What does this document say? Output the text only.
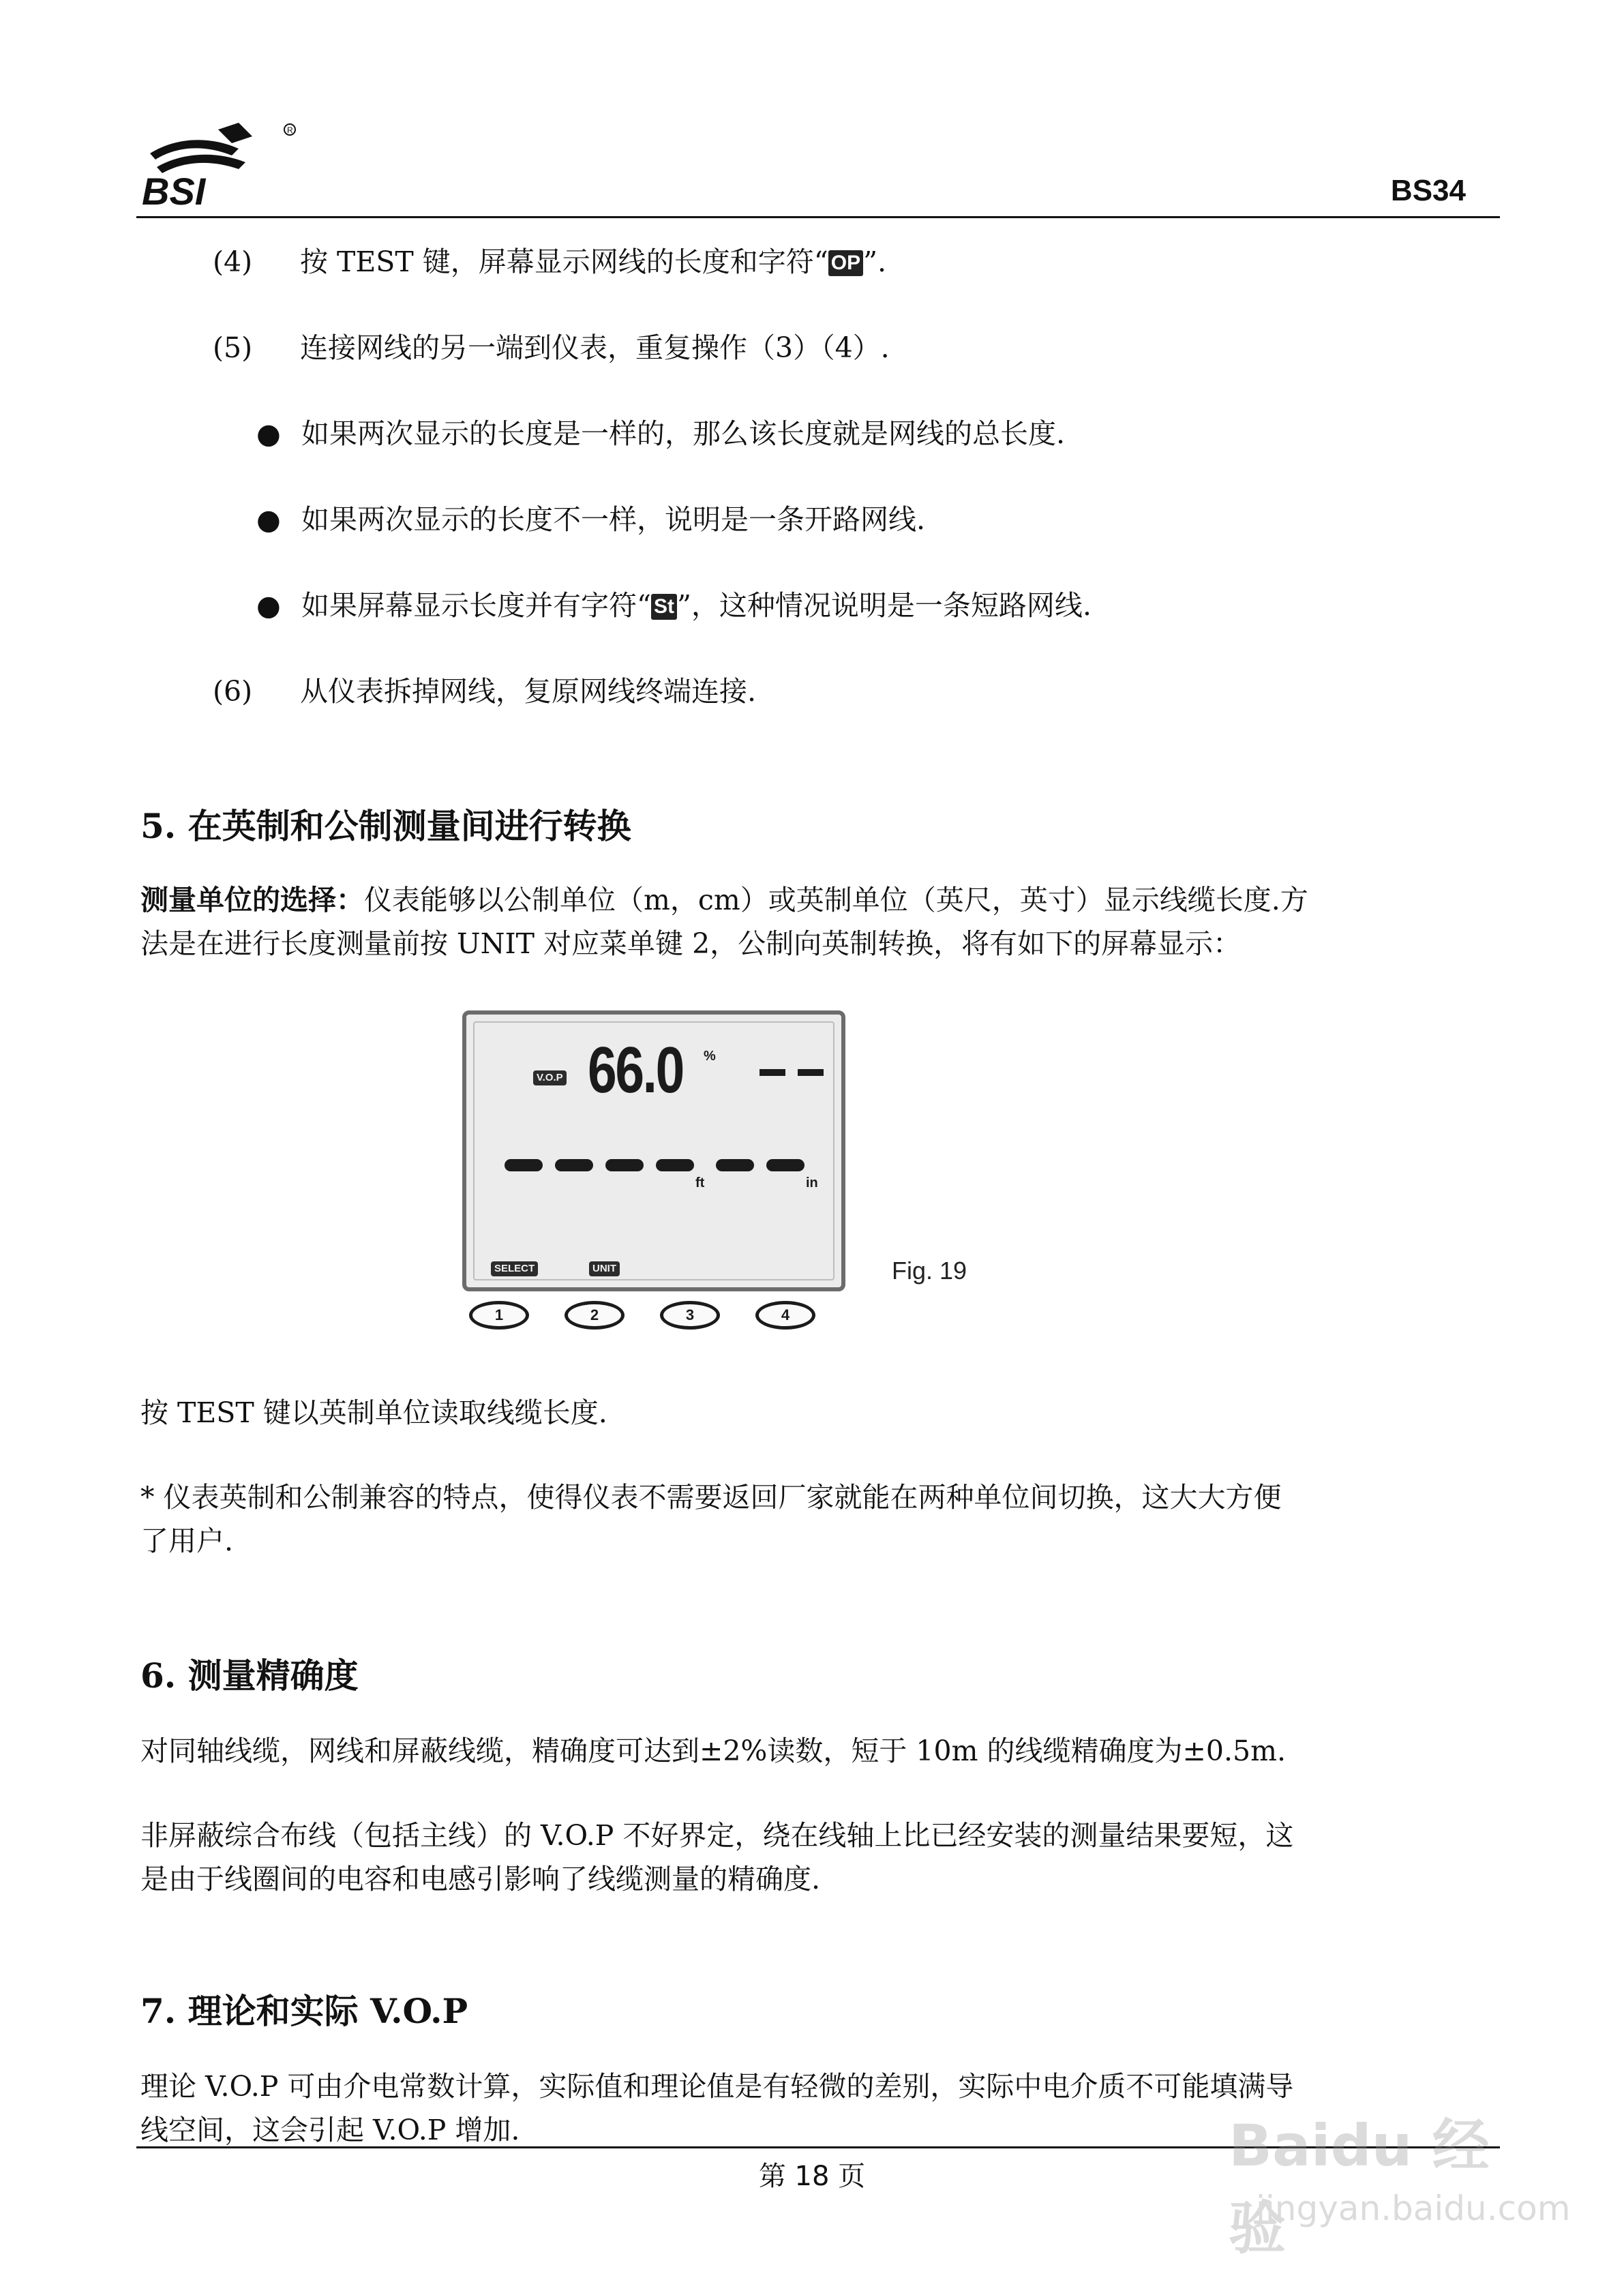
BSI
R
BS34
(4) 按 TEST 键，屏幕显示网线的长度和字符“ OP”.
(5) 连接网线的另一端到仪表，重复操作（3）（4）.
● 如果两次显示的长度是一样的，那么该长度就是网线的总长度.
● 如果两次显示的长度不一样，说明是一条开路网线.
● 如果屏幕显示长度并有字符“ St”，这种情况说明是一条短路网线.
(6) 从仪表拆掉网线，复原网线终端连接.
5. 在英制和公制测量间进行转换
测量单位的选择：仪表能够以公制单位（m，cm）或英制单位（英尺，英寸）显示线缆长度.方
法是在进行长度测量前按 UNIT 对应菜单键 2，公制向英制转换，将有如下的屏幕显示：
V.O.P 66.0 %
ft	in
SELECT	UNIT
1	2	3	4
Fig. 19
按 TEST 键以英制单位读取线缆长度.
* 仪表英制和公制兼容的特点，使得仪表不需要返回厂家就能在两种单位间切换，这大大方便
了用户.
6. 测量精确度
对同轴线缆，网线和屏蔽线缆，精确度可达到±2%读数，短于 10m 的线缆精确度为±0.5m.
非屏蔽综合布线（包括主线）的 V.O.P 不好界定，绕在线轴上比已经安装的测量结果要短，这
是由于线圈间的电容和电感引影响了线缆测量的精确度.
7. 理论和实际 V.O.P
理论 V.O.P 可由介电常数计算，实际值和理论值是有轻微的差别，实际中电介质不可能填满导
线空间，这会引起 V.O.P 增加.
第 18 页	Baidu 经验
jingyan.baidu.com
